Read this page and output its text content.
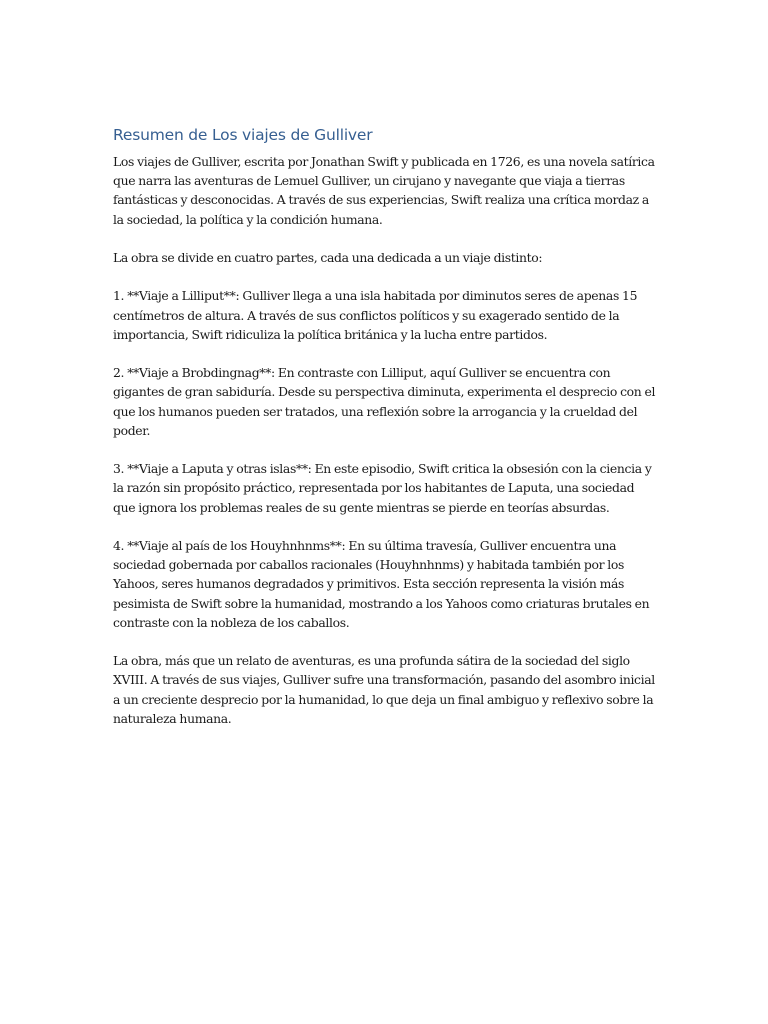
Resumen de Los viajes de Gulliver

Los viajes de Gulliver, escrita por Jonathan Swift y publicada en 1726, es una novela satírica que narra las aventuras de Lemuel Gulliver, un cirujano y navegante que viaja a tierras fantásticas y desconocidas. A través de sus experiencias, Swift realiza una crítica mordaz a la sociedad, la política y la condición humana.

La obra se divide en cuatro partes, cada una dedicada a un viaje distinto:

1. **Viaje a Lilliput**: Gulliver llega a una isla habitada por diminutos seres de apenas 15 centímetros de altura. A través de sus conflictos políticos y su exagerado sentido de la importancia, Swift ridiculiza la política británica y la lucha entre partidos.

2. **Viaje a Brobdingnag**: En contraste con Lilliput, aquí Gulliver se encuentra con gigantes de gran sabiduría. Desde su perspectiva diminuta, experimenta el desprecio con el que los humanos pueden ser tratados, una reflexión sobre la arrogancia y la crueldad del poder.

3. **Viaje a Laputa y otras islas**: En este episodio, Swift critica la obsesión con la ciencia y la razón sin propósito práctico, representada por los habitantes de Laputa, una sociedad que ignora los problemas reales de su gente mientras se pierde en teorías absurdas.

4. **Viaje al país de los Houyhnhnms**: En su última travesía, Gulliver encuentra una sociedad gobernada por caballos racionales (Houyhnhnms) y habitada también por los Yahoos, seres humanos degradados y primitivos. Esta sección representa la visión más pesimista de Swift sobre la humanidad, mostrando a los Yahoos como criaturas brutales en contraste con la nobleza de los caballos.

La obra, más que un relato de aventuras, es una profunda sátira de la sociedad del siglo XVIII. A través de sus viajes, Gulliver sufre una transformación, pasando del asombro inicial a un creciente desprecio por la humanidad, lo que deja un final ambiguo y reflexivo sobre la naturaleza humana.
